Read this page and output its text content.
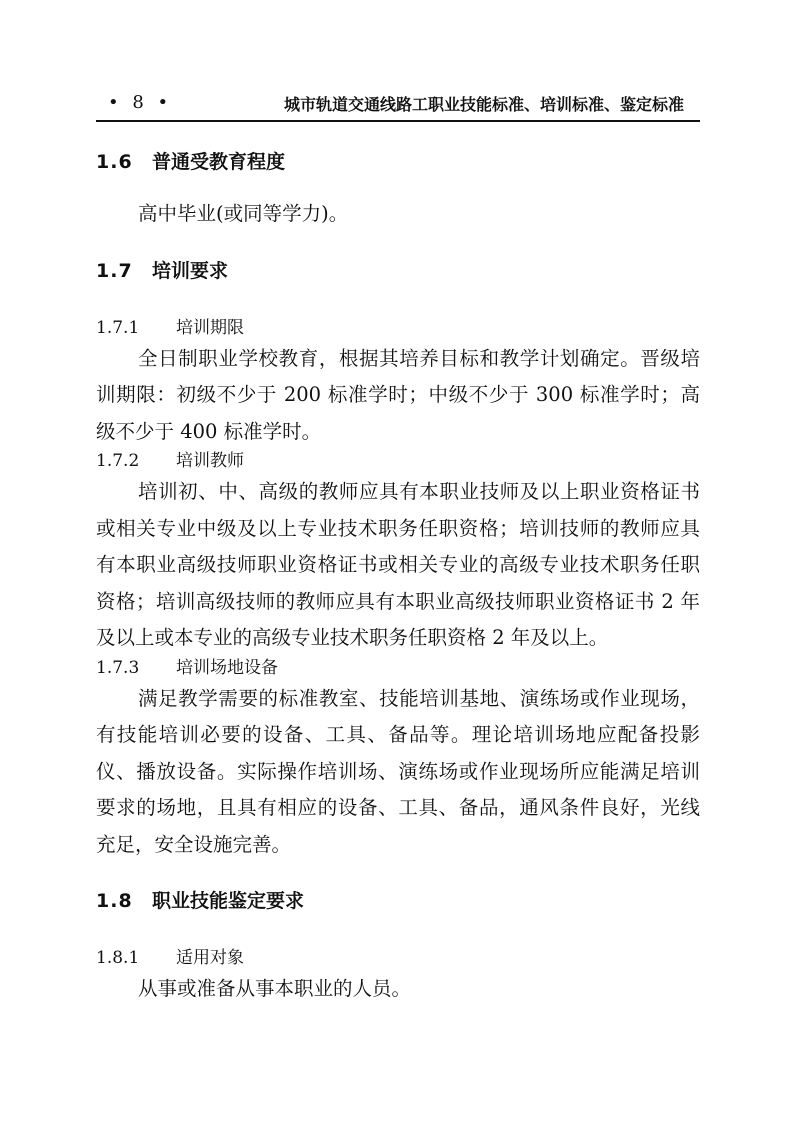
• 8 •	城市轨道交通线路工职业技能标准、培训标准、鉴定标准
1.6 普通受教育程度

高中毕业(或同等学力)。

1.7 培训要求
1.7.1 培训期限

全日制职业学校教育，根据其培养目标和教学计划确定。晋级培训期限：初级不少于 200 标准学时；中级不少于 300 标准学时；高级不少于 400 标准学时。

1.7.2 培训教师

培训初、中、高级的教师应具有本职业技师及以上职业资格证书或相关专业中级及以上专业技术职务任职资格；培训技师的教师应具有本职业高级技师职业资格证书或相关专业的高级专业技术职务任职资格；培训高级技师的教师应具有本职业高级技师职业资格证书 2 年及以上或本专业的高级专业技术职务任职资格 2 年及以上。

1.7.3 培训场地设备

满足教学需要的标准教室、技能培训基地、演练场或作业现场，有技能培训必要的设备、工具、备品等。理论培训场地应配备投影仪、播放设备。实际操作培训场、演练场或作业现场所应能满足培训要求的场地，且具有相应的设备、工具、备品，通风条件良好，光线充足，安全设施完善。

1.8 职业技能鉴定要求
1.8.1 适用对象

从事或准备从事本职业的人员。
